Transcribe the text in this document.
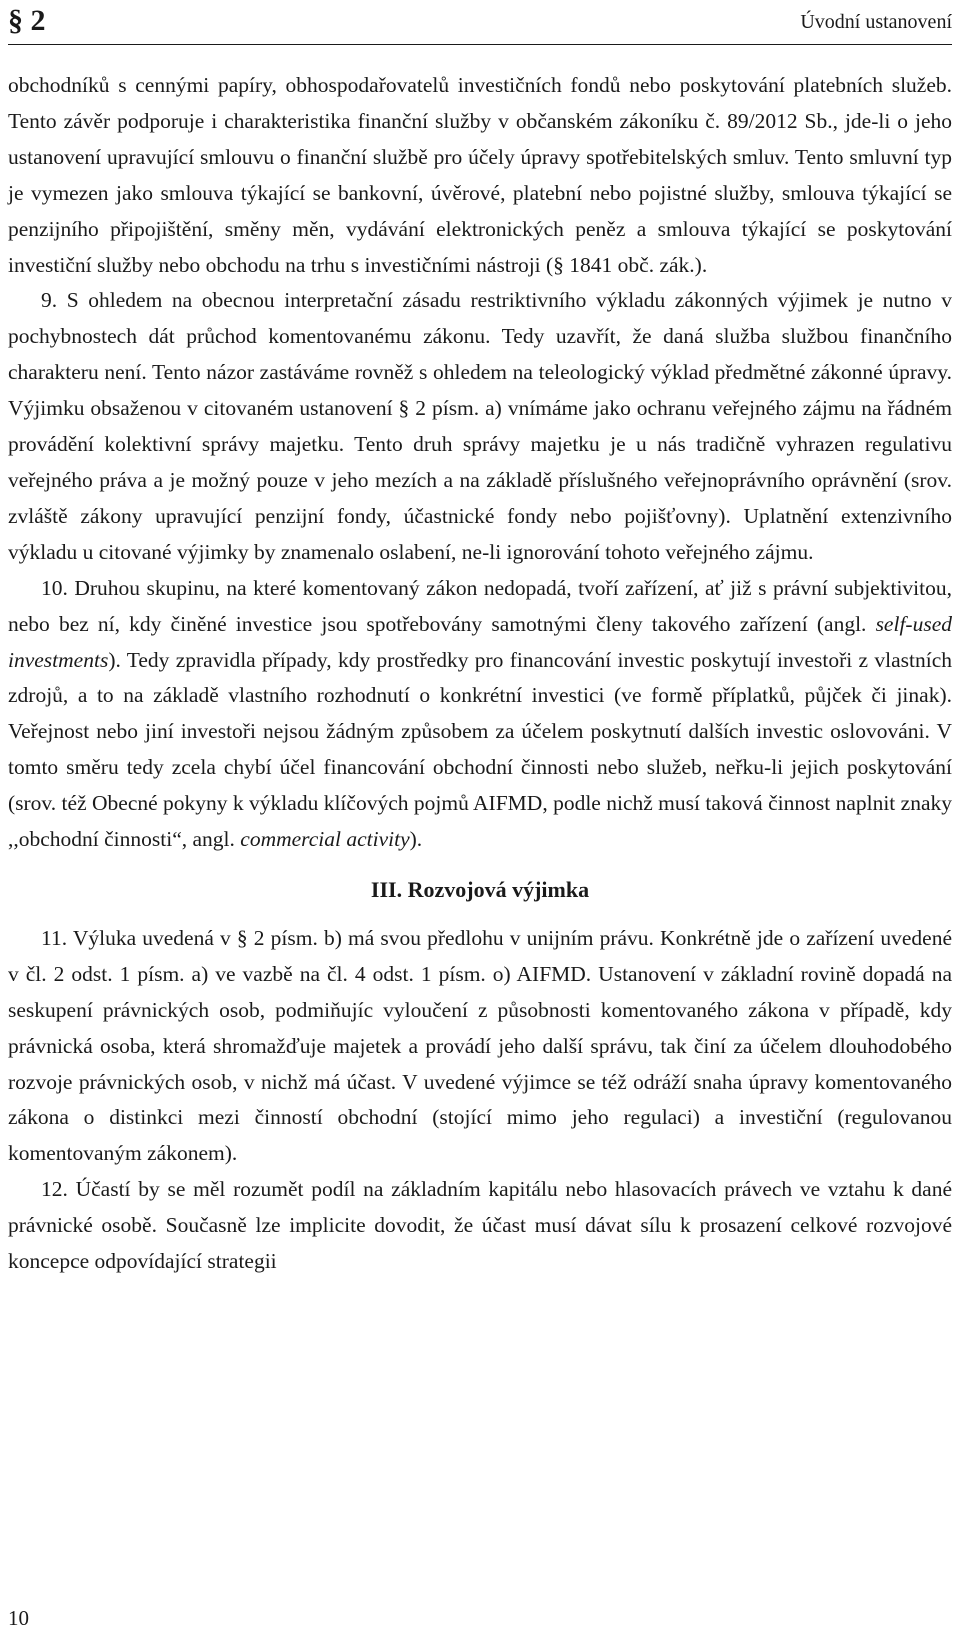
§ 2	Úvodní ustanovení

obchodníků s cennými papíry, obhospodařovatelů investičních fondů nebo poskytování platebních služeb. Tento závěr podporuje i charakteristika finanční služby v občanském zákoníku č. 89/2012 Sb., jde-li o jeho ustanovení upravující smlouvu o finanční službě pro účely úpravy spotřebitelských smluv. Tento smluvní typ je vymezen jako smlouva týkající se bankovní, úvěrové, platební nebo pojistné služby, smlouva týkající se penzijního připojištění, směny měn, vydávání elektronických peněz a smlouva týkající se poskytování investiční služby nebo obchodu na trhu s investičními nástroji (§ 1841 obč. zák.).

9. S ohledem na obecnou interpretační zásadu restriktivního výkladu zákonných výjimek je nutno v pochybnostech dát průchod komentovanému zákonu. Tedy uzavřít, že daná služba službou finančního charakteru není. Tento názor zastáváme rovněž s ohledem na teleologický výklad předmětné zákonné úpravy. Výjimku obsaženou v citovaném ustanovení § 2 písm. a) vnímáme jako ochranu veřejného zájmu na řádném provádění kolektivní správy majetku. Tento druh správy majetku je u nás tradičně vyhrazen regulativu veřejného práva a je možný pouze v jeho mezích a na základě příslušného veřejnoprávního oprávnění (srov. zvláště zákony upravující penzijní fondy, účastnické fondy nebo pojišťovny). Uplatnění extenzivního výkladu u citované výjimky by znamenalo oslabení, ne-li ignorování tohoto veřejného zájmu.

10. Druhou skupinu, na které komentovaný zákon nedopadá, tvoří zařízení, ať již s právní subjektivitou, nebo bez ní, kdy činěné investice jsou spotřebovány samotnými členy takového zařízení (angl. self-used investments). Tedy zpravidla případy, kdy prostředky pro financování investic poskytují investoři z vlastních zdrojů, a to na základě vlastního rozhodnutí o konkrétní investici (ve formě příplatků, půjček či jinak). Veřejnost nebo jiní investoři nejsou žádným způsobem za účelem poskytnutí dalších investic oslovováni. V tomto směru tedy zcela chybí účel financování obchodní činnosti nebo služeb, neřku-li jejich poskytování (srov. též Obecné pokyny k výkladu klíčových pojmů AIFMD, podle nichž musí taková činnost naplnit znaky ,,obchodní činnosti“, angl. commercial activity).

III. Rozvojová výjimka

11. Výluka uvedená v § 2 písm. b) má svou předlohu v unijním právu. Konkrétně jde o zařízení uvedené v čl. 2 odst. 1 písm. a) ve vazbě na čl. 4 odst. 1 písm. o) AIFMD. Ustanovení v základní rovině dopadá na seskupení právnických osob, podmiňujíc vyloučení z působnosti komentovaného zákona v případě, kdy právnická osoba, která shromažďuje majetek a provádí jeho další správu, tak činí za účelem dlouhodobého rozvoje právnických osob, v nichž má účast. V uvedené výjimce se též odráží snaha úpravy komentovaného zákona o distinkci mezi činností obchodní (stojící mimo jeho regulaci) a investiční (regulovanou komentovaným zákonem).

12. Účastí by se měl rozumět podíl na základním kapitálu nebo hlasovacích právech ve vztahu k dané právnické osobě. Současně lze implicite dovodit, že účast musí dávat sílu k prosazení celkové rozvojové koncepce odpovídající strategii

10
